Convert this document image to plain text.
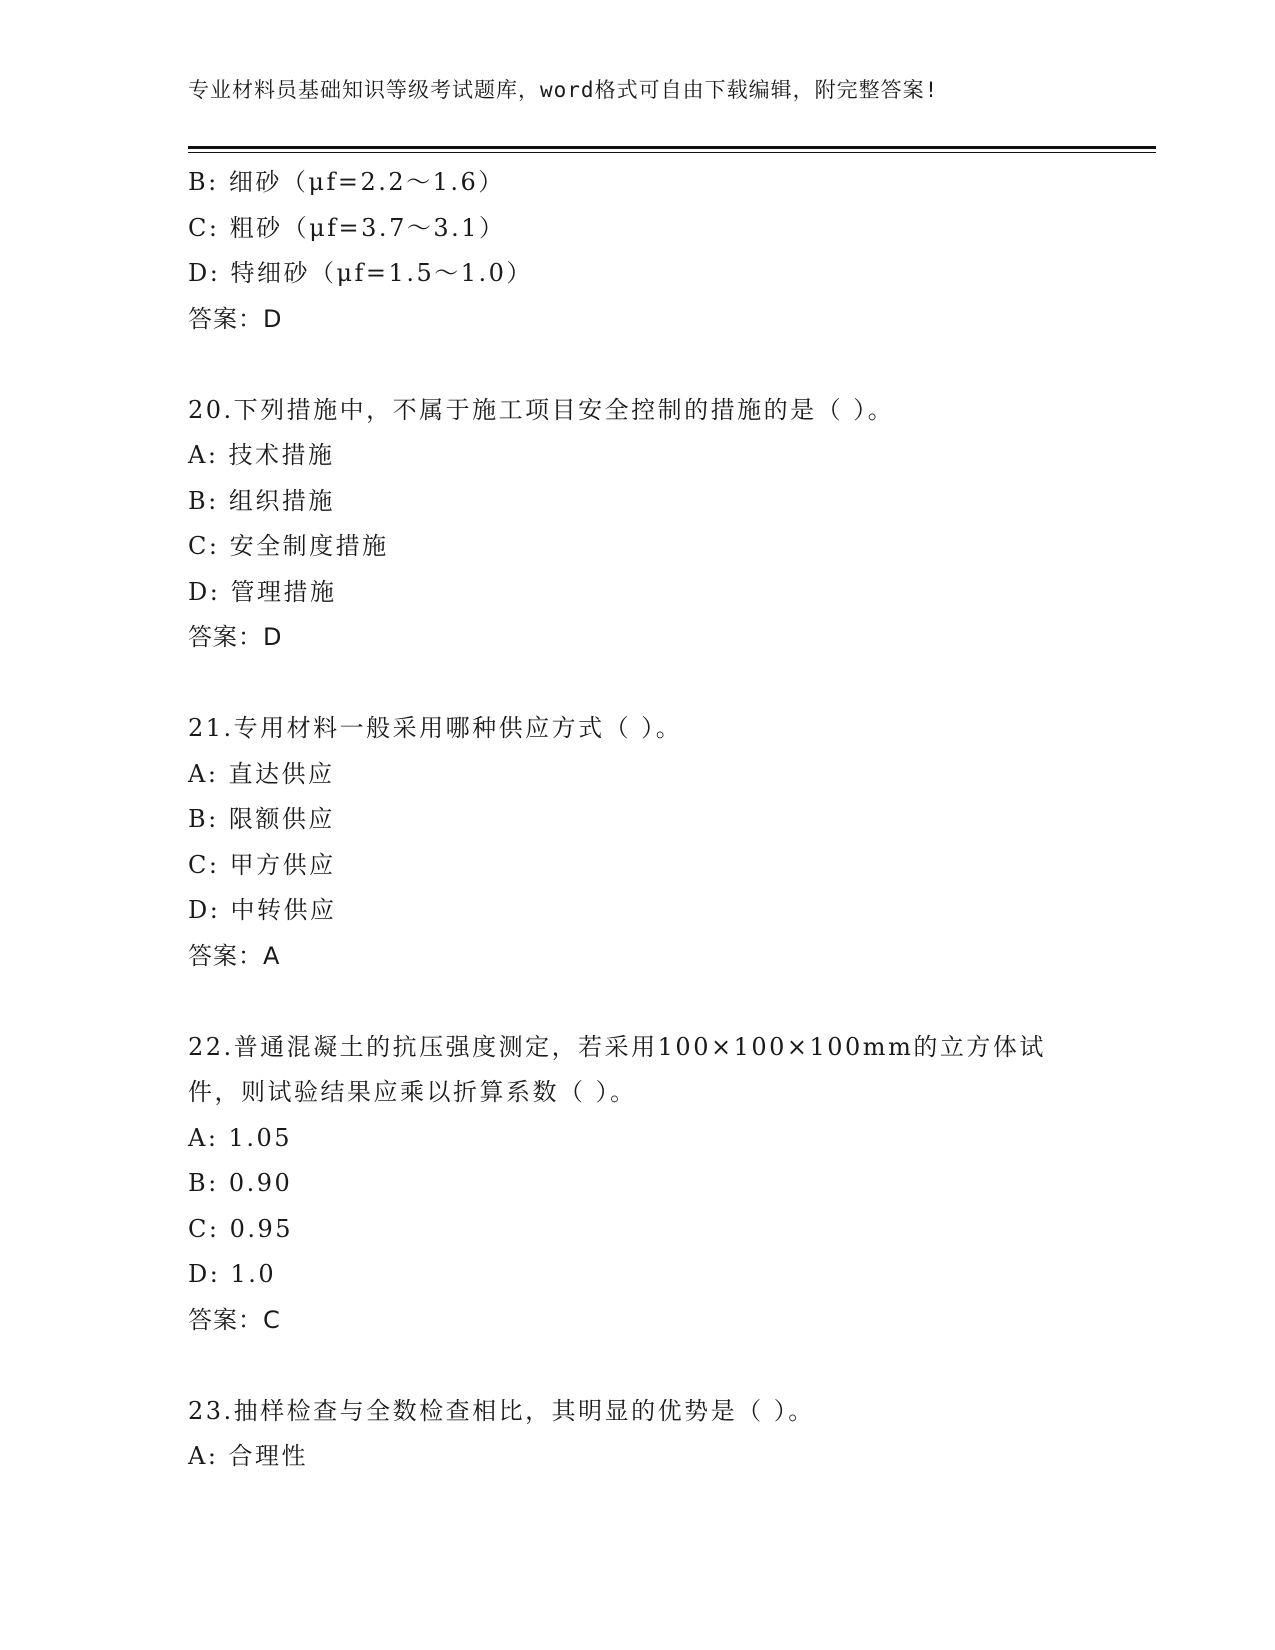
专业材料员基础知识等级考试题库，word格式可自由下载编辑，附完整答案!
B: 细砂（μf=2.2～1.6）
C: 粗砂（μf=3.7～3.1）
D: 特细砂（μf=1.5～1.0）
答案：D
20.下列措施中，不属于施工项目安全控制的措施的是（ ）。
A: 技术措施
B: 组织措施
C: 安全制度措施
D: 管理措施
答案：D
21.专用材料一般采用哪种供应方式（ ）。
A: 直达供应
B: 限额供应
C: 甲方供应
D: 中转供应
答案：A
22.普通混凝土的抗压强度测定，若采用100×100×100mm的立方体试
件，则试验结果应乘以折算系数（ ）。
A: 1.05
B: 0.90
C: 0.95
D: 1.0
答案：C
23.抽样检查与全数检查相比，其明显的优势是（ ）。
A: 合理性
